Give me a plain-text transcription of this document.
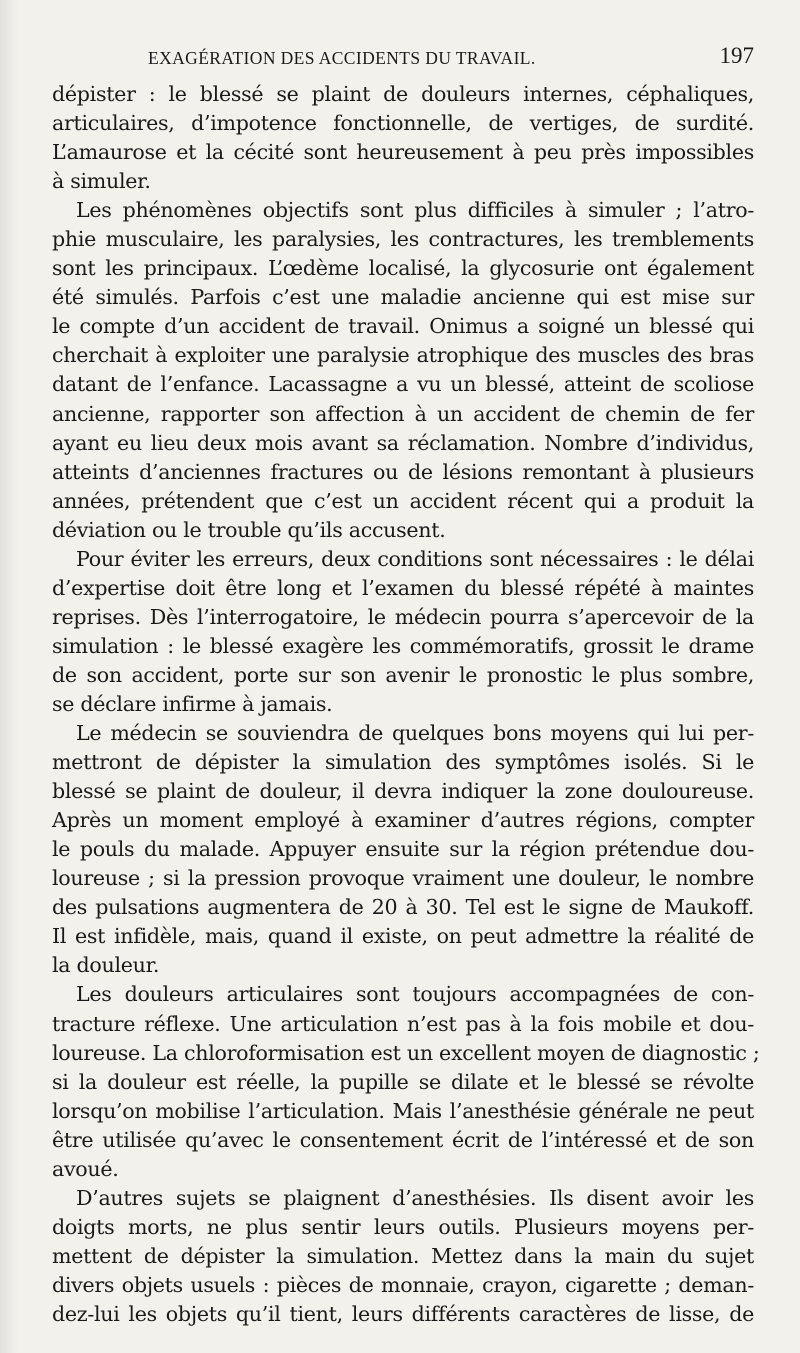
EXAGÉRATION DES ACCIDENTS DU TRAVAIL.	197

dépister : le blessé se plaint de douleurs internes, céphaliques,
articulaires, d’impotence fonctionnelle, de vertiges, de surdité.
L’amaurose et la cécité sont heureusement à peu près impossibles
à simuler.

Les phénomènes objectifs sont plus difficiles à simuler ; l’atro-
phie musculaire, les paralysies, les contractures, les tremblements
sont les principaux. L’œdème localisé, la glycosurie ont également
été simulés. Parfois c’est une maladie ancienne qui est mise sur
le compte d’un accident de travail. Onimus a soigné un blessé qui
cherchait à exploiter une paralysie atrophique des muscles des bras
datant de l’enfance. Lacassagne a vu un blessé, atteint de scoliose
ancienne, rapporter son affection à un accident de chemin de fer
ayant eu lieu deux mois avant sa réclamation. Nombre d’individus,
atteints d’anciennes fractures ou de lésions remontant à plusieurs
années, prétendent que c’est un accident récent qui a produit la
déviation ou le trouble qu’ils accusent.

Pour éviter les erreurs, deux conditions sont nécessaires : le délai
d’expertise doit être long et l’examen du blessé répété à maintes
reprises. Dès l’interrogatoire, le médecin pourra s’apercevoir de la
simulation : le blessé exagère les commémoratifs, grossit le drame
de son accident, porte sur son avenir le pronostic le plus sombre,
se déclare infirme à jamais.

Le médecin se souviendra de quelques bons moyens qui lui per-
mettront de dépister la simulation des symptômes isolés. Si le
blessé se plaint de douleur, il devra indiquer la zone douloureuse.
Après un moment employé à examiner d’autres régions, compter
le pouls du malade. Appuyer ensuite sur la région prétendue dou-
loureuse ; si la pression provoque vraiment une douleur, le nombre
des pulsations augmentera de 20 à 30. Tel est le signe de Maukoff.
Il est infidèle, mais, quand il existe, on peut admettre la réalité de
la douleur.

Les douleurs articulaires sont toujours accompagnées de con-
tracture réflexe. Une articulation n’est pas à la fois mobile et dou-
loureuse. La chloroformisation est un excellent moyen de diagnostic ;
si la douleur est réelle, la pupille se dilate et le blessé se révolte
lorsqu’on mobilise l’articulation. Mais l’anesthésie générale ne peut
être utilisée qu’avec le consentement écrit de l’intéressé et de son
avoué.

D’autres sujets se plaignent d’anesthésies. Ils disent avoir les
doigts morts, ne plus sentir leurs outils. Plusieurs moyens per-
mettent de dépister la simulation. Mettez dans la main du sujet
divers objets usuels : pièces de monnaie, crayon, cigarette ; deman-
dez-lui les objets qu’il tient, leurs différents caractères de lisse, de
